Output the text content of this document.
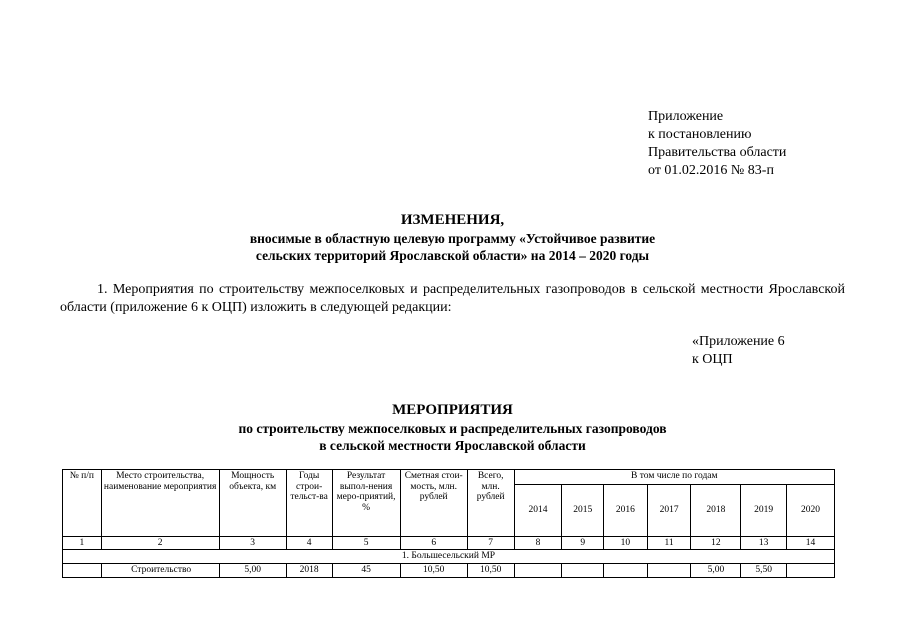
Приложение
к постановлению
Правительства области
от 01.02.2016 № 83-п
ИЗМЕНЕНИЯ,
вносимые в областную целевую программу «Устойчивое развитие
сельских территорий Ярославской области» на 2014 – 2020 годы
1. Мероприятия по строительству межпоселковых и распределительных газопроводов в сельской местности Ярославской области (приложение 6 к ОЦП) изложить в следующей редакции:
«Приложение 6
к ОЦП
МЕРОПРИЯТИЯ
по строительству межпоселковых и распределительных газопроводов
в сельской местности Ярославской области
№ п/п	Место строительства, наименование мероприятия	Мощность объекта, км	Годы строи-тельст-ва	Результат выпол-нения меро-приятий, %	Сметная стои-мость, млн. рублей	Всего, млн. рублей	В том числе по годам						
							2014	2015	2016	2017	2018	2019	2020
1	2	3	4	5	6	7	8	9	10	11	12	13	14
1. Большесельский МР													
	Строительство	5,00	2018	45	10,50	10,50					5,00	5,50	
